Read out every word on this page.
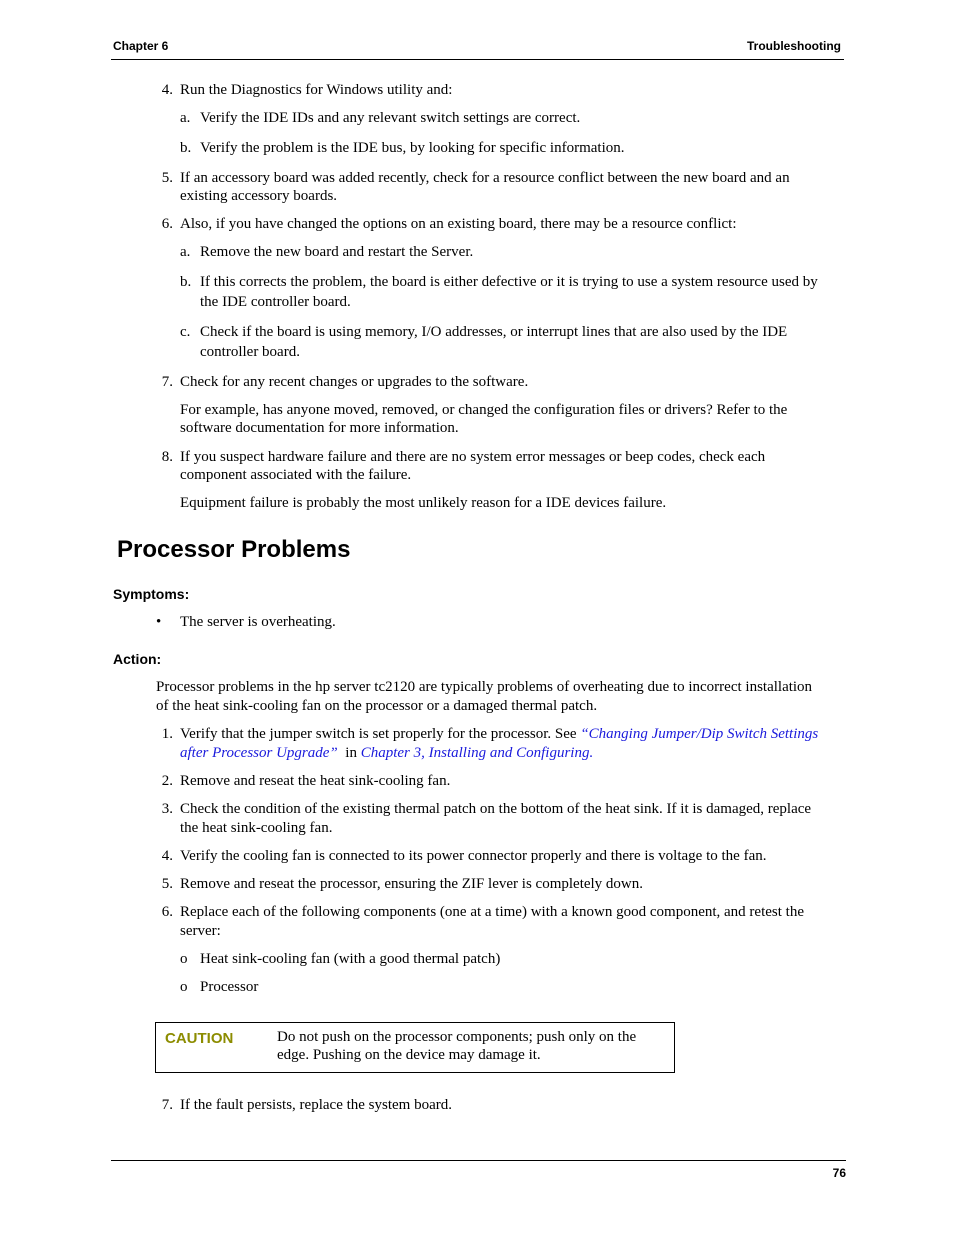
Chapter 6	Troubleshooting
4. Run the Diagnostics for Windows utility and:
a. Verify the IDE IDs and any relevant switch settings are correct.
b. Verify the problem is the IDE bus, by looking for specific information.
5. If an accessory board was added recently, check for a resource conflict between the new board and an
existing accessory boards.
6. Also, if you have changed the options on an existing board, there may be a resource conflict:
a. Remove the new board and restart the Server.
b. If this corrects the problem, the board is either defective or it is trying to use a system resource used by
the IDE controller board.
c. Check if the board is using memory, I/O addresses, or interrupt lines that are also used by the IDE
controller board.
7. Check for any recent changes or upgrades to the software.
For example, has anyone moved, removed, or changed the configuration files or drivers? Refer to the
software documentation for more information.
8. If you suspect hardware failure and there are no system error messages or beep codes, check each
component associated with the failure.
Equipment failure is probably the most unlikely reason for a IDE devices failure.
Processor Problems
Symptoms:
• The server is overheating.
Action:
Processor problems in the hp server tc2120 are typically problems of overheating due to incorrect installation
of the heat sink-cooling fan on the processor or a damaged thermal patch.
1. Verify that the jumper switch is set properly for the processor. See “Changing Jumper/Dip Switch Settings
after Processor Upgrade”  in Chapter 3, Installing and Configuring.
2. Remove and reseat the heat sink-cooling fan.
3. Check the condition of the existing thermal patch on the bottom of the heat sink. If it is damaged, replace
the heat sink-cooling fan.
4. Verify the cooling fan is connected to its power connector properly and there is voltage to the fan.
5. Remove and reseat the processor, ensuring the ZIF lever is completely down.
6. Replace each of the following components (one at a time) with a known good component, and retest the
server:
o Heat sink-cooling fan (with a good thermal patch)
o Processor
CAUTION	Do not push on the processor components; push only on the
edge. Pushing on the device may damage it.
7. If the fault persists, replace the system board.
76
